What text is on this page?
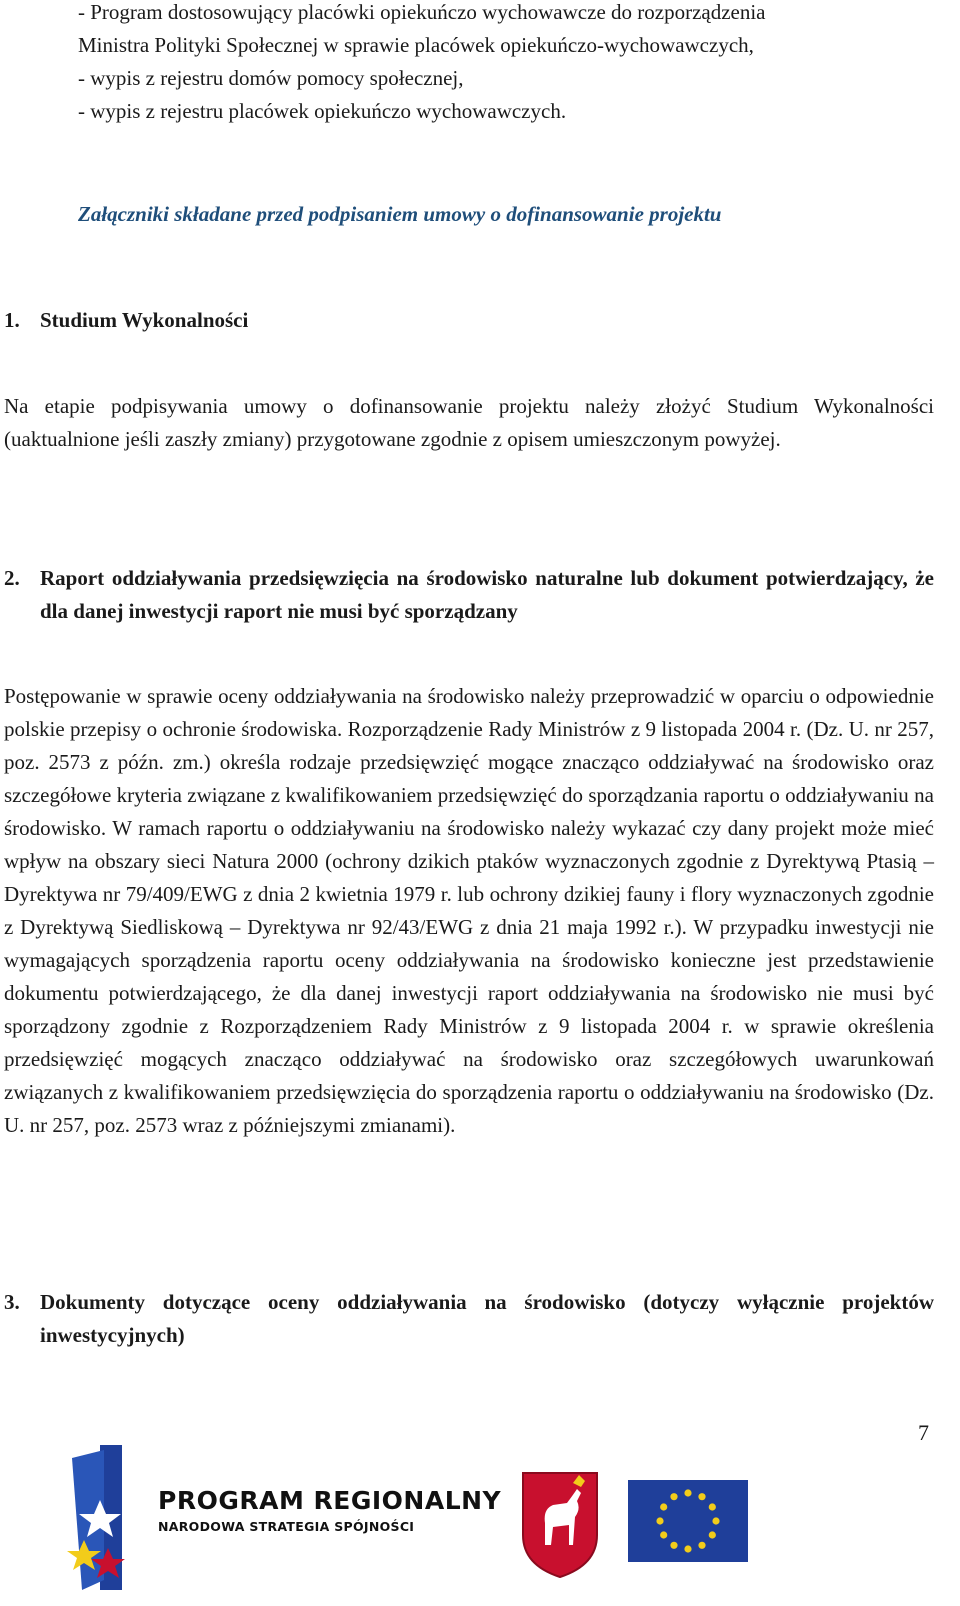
- Program dostosowujący placówki opiekuńczo wychowawcze do rozporządzenia
Ministra Polityki Społecznej w sprawie placówek opiekuńczo-wychowawczych,
- wypis z rejestru domów pomocy społecznej,
- wypis z rejestru placówek opiekuńczo wychowawczych.
Załączniki składane przed podpisaniem umowy o dofinansowanie projektu
1. Studium Wykonalności
Na etapie podpisywania umowy o dofinansowanie projektu należy złożyć Studium Wykonalności (uaktualnione jeśli zaszły zmiany) przygotowane zgodnie z opisem umieszczonym powyżej.
2. Raport oddziaływania przedsięwzięcia na środowisko naturalne lub dokument potwierdzający, że dla danej inwestycji raport nie musi być sporządzany
Postępowanie w sprawie oceny oddziaływania na środowisko należy przeprowadzić w oparciu o odpowiednie polskie przepisy o ochronie środowiska. Rozporządzenie Rady Ministrów z 9 listopada 2004 r. (Dz. U. nr 257, poz. 2573 z późn. zm.) określa rodzaje przedsięwzięć mogące znacząco oddziaływać na środowisko oraz szczegółowe kryteria związane z kwalifikowaniem przedsięwzięć do sporządzania raportu o oddziaływaniu na środowisko. W ramach raportu o oddziaływaniu na środowisko należy wykazać czy dany projekt może mieć wpływ na obszary sieci Natura 2000 (ochrony dzikich ptaków wyznaczonych zgodnie z Dyrektywą Ptasią –Dyrektywa nr 79/409/EWG z dnia 2 kwietnia 1979 r. lub ochrony dzikiej fauny i flory wyznaczonych zgodnie z Dyrektywą Siedliskową – Dyrektywa nr 92/43/EWG z dnia 21 maja 1992 r.). W przypadku inwestycji nie wymagających sporządzenia raportu oceny oddziaływania na środowisko konieczne jest przedstawienie dokumentu potwierdzającego, że dla danej inwestycji raport oddziaływania na środowisko nie musi być sporządzony zgodnie z Rozporządzeniem Rady Ministrów z 9 listopada 2004 r. w sprawie określenia przedsięwzięć mogących znacząco oddziaływać na środowisko oraz szczegółowych uwarunkowań związanych z kwalifikowaniem przedsięwzięcia do sporządzenia raportu o oddziaływaniu na środowisko (Dz. U. nr 257, poz. 2573 wraz z późniejszymi zmianami).
3. Dokumenty dotyczące oceny oddziaływania na środowisko (dotyczy wyłącznie projektów inwestycyjnych)
7
PROGRAM REGIONALNY
NARODOWA STRATEGIA SPÓJNOŚCI
